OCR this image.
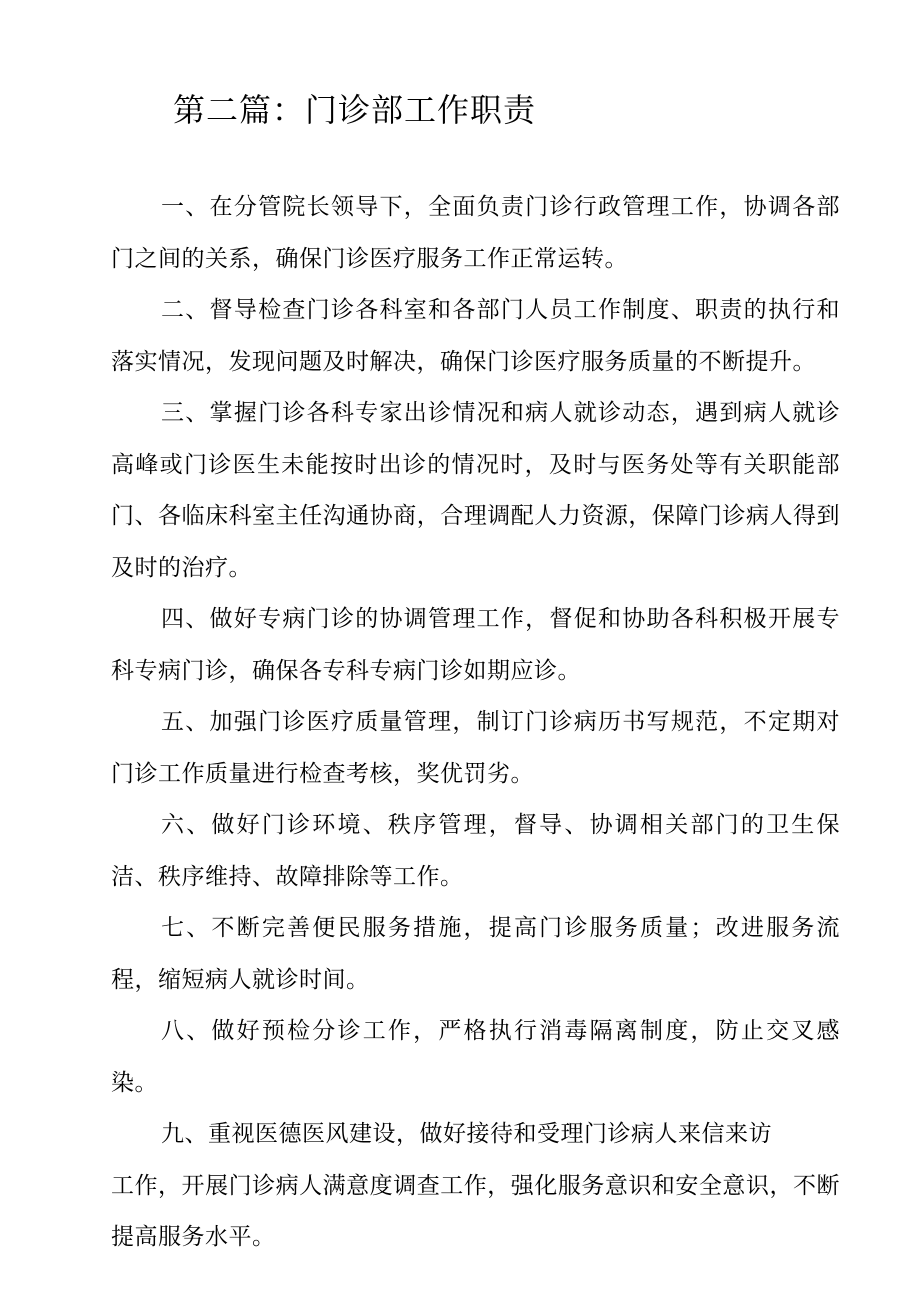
第二篇：门诊部工作职责

一、在分管院长领导下，全面负责门诊行政管理工作，协调各部门之间的关系，确保门诊医疗服务工作正常运转。

二、督导检查门诊各科室和各部门人员工作制度、职责的执行和落实情况，发现问题及时解决，确保门诊医疗服务质量的不断提升。

三、掌握门诊各科专家出诊情况和病人就诊动态，遇到病人就诊高峰或门诊医生未能按时出诊的情况时，及时与医务处等有关职能部门、各临床科室主任沟通协商，合理调配人力资源，保障门诊病人得到及时的治疗。

四、做好专病门诊的协调管理工作，督促和协助各科积极开展专科专病门诊，确保各专科专病门诊如期应诊。

五、加强门诊医疗质量管理，制订门诊病历书写规范，不定期对门诊工作质量进行检查考核，奖优罚劣。

六、做好门诊环境、秩序管理，督导、协调相关部门的卫生保洁、秩序维持、故障排除等工作。

七、不断完善便民服务措施，提高门诊服务质量；改进服务流程，缩短病人就诊时间。

八、做好预检分诊工作，严格执行消毒隔离制度，防止交叉感染。

九、重视医德医风建设，做好接待和受理门诊病人来信来访

工作，开展门诊病人满意度调查工作，强化服务意识和安全意识，不断提高服务水平。
